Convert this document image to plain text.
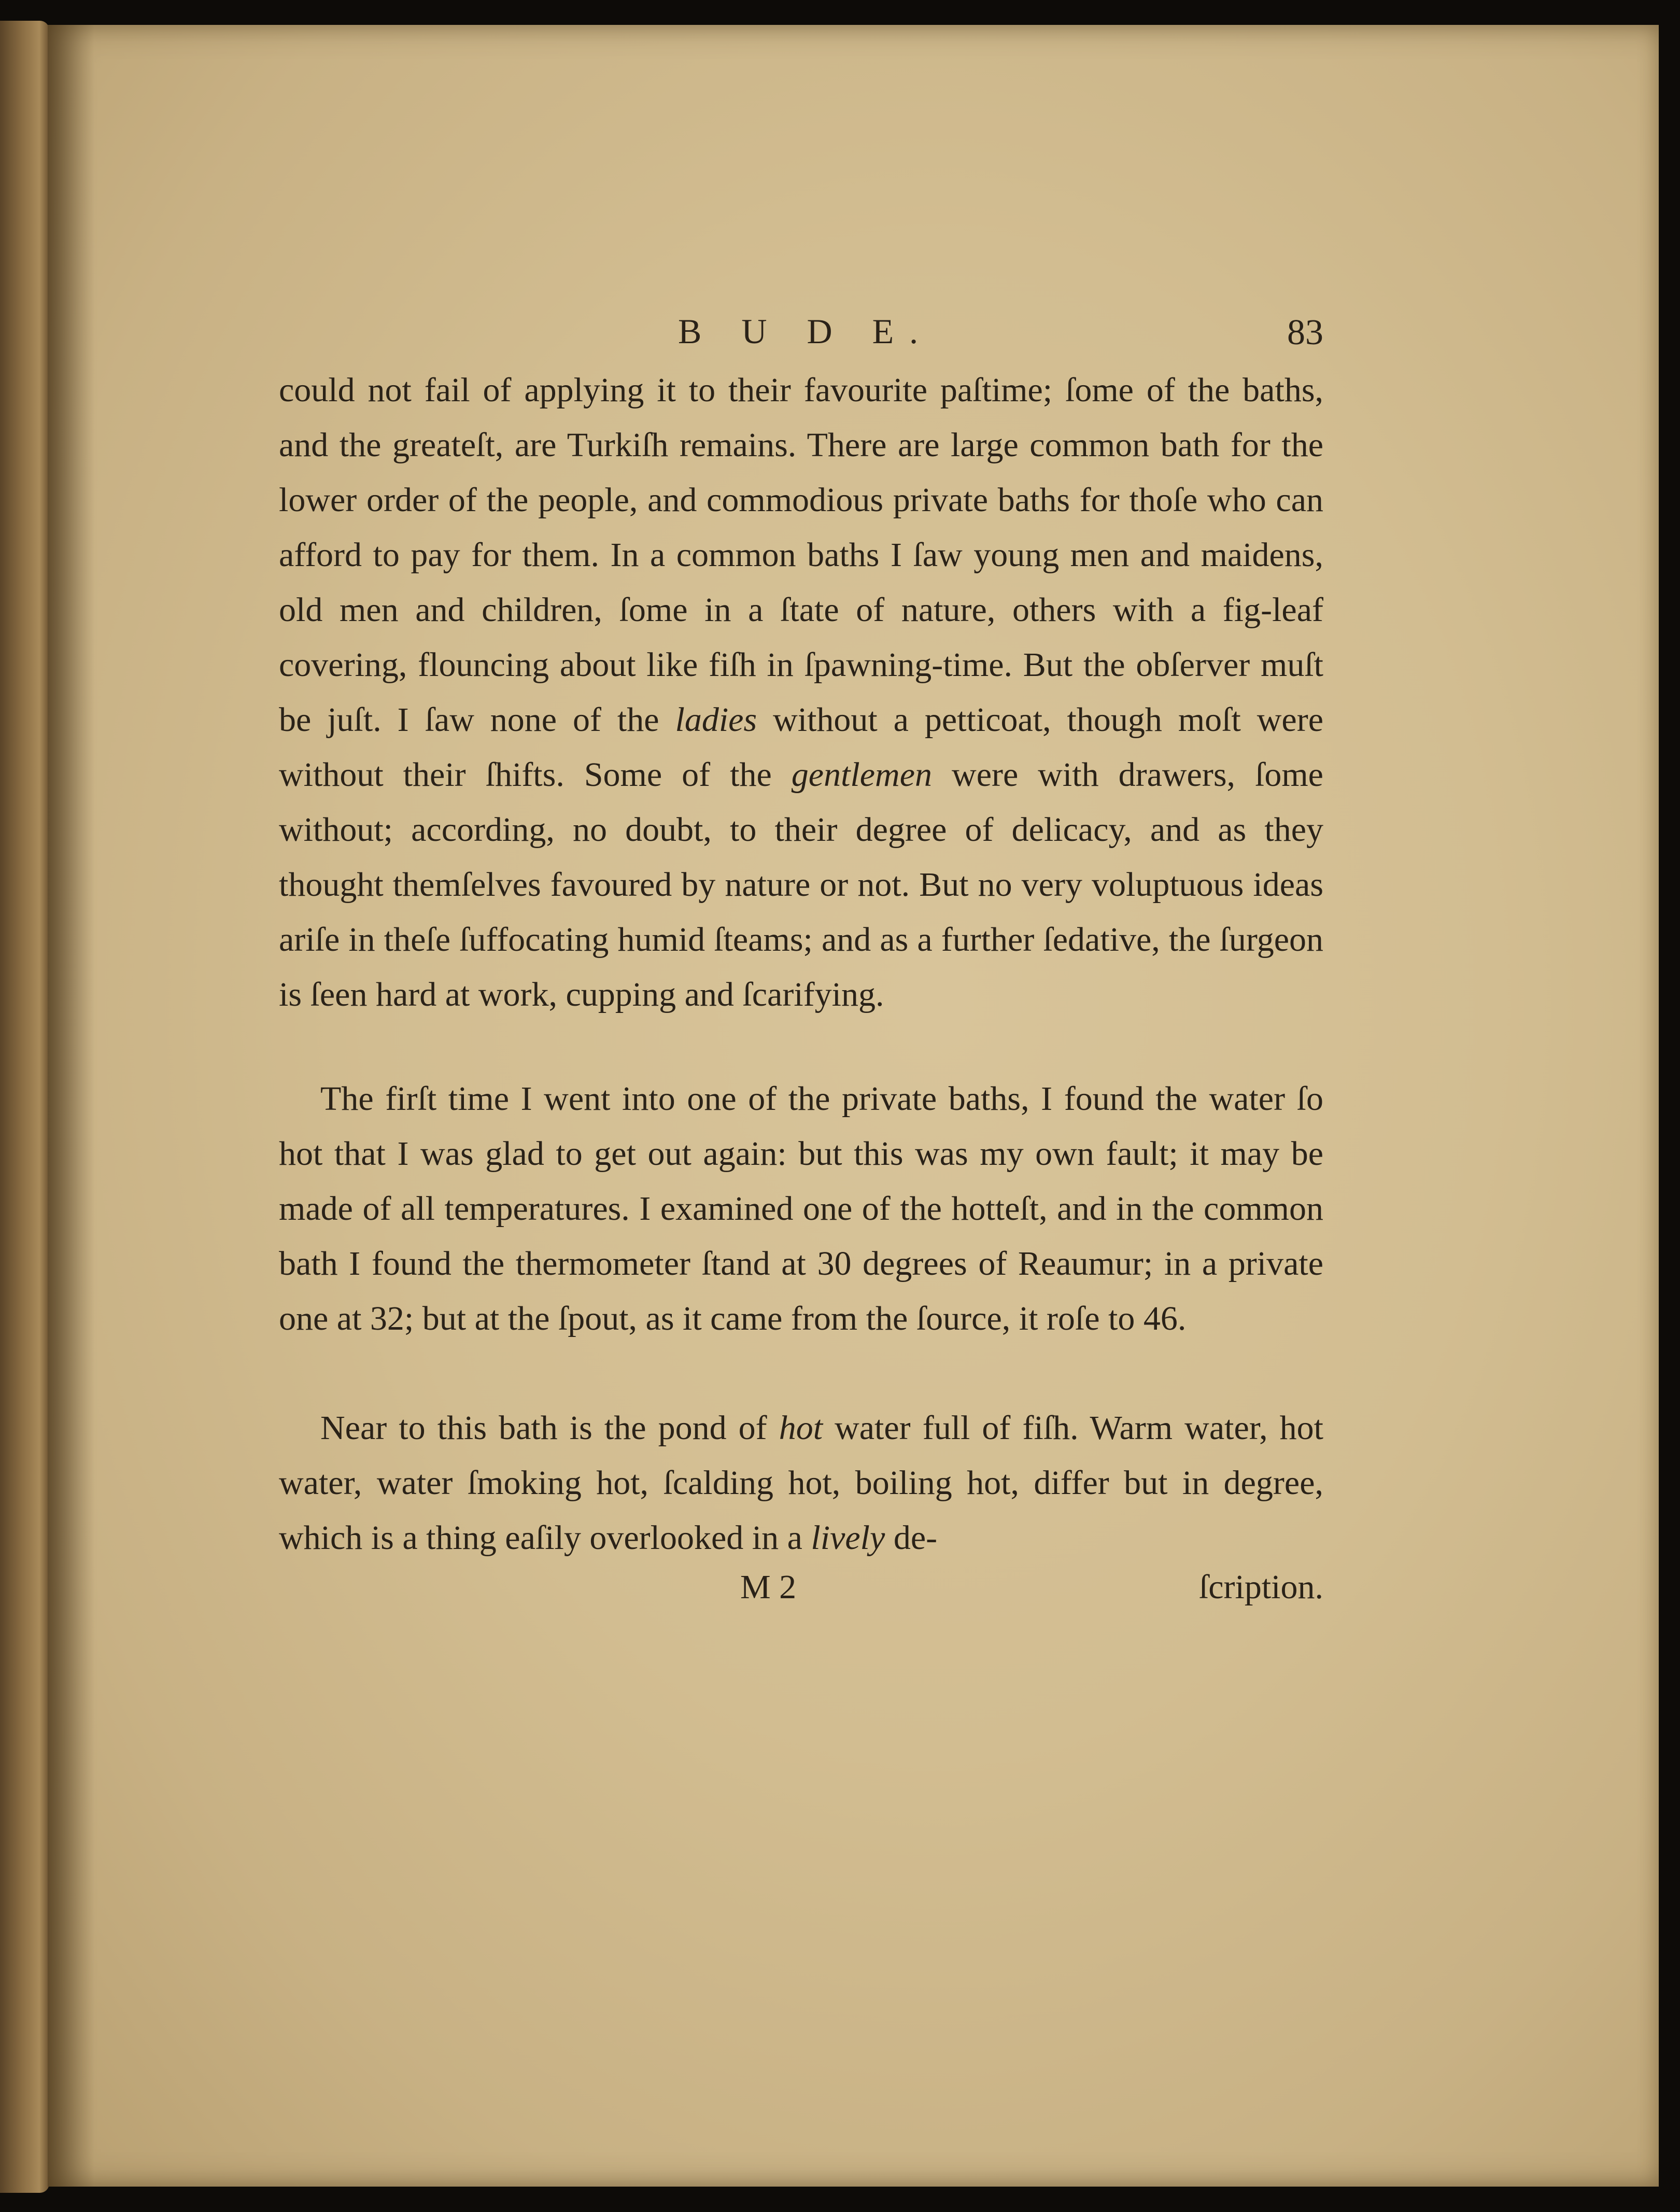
B U D E.	83

could not fail of applying it to their favourite paſtime; ſome of the baths, and the greateſt, are Turkiſh remains. There are large common bath for the lower order of the people, and commodious private baths for thoſe who can afford to pay for them. In a common baths I ſaw young men and maidens, old men and children, ſome in a ſtate of nature, others with a fig-leaf covering, flouncing about like fiſh in ſpawning-time. But the obſerver muſt be juſt. I ſaw none of the ladies without a petticoat, though moſt were without their ſhifts. Some of the gentlemen were with drawers, ſome without; according, no doubt, to their degree of delicacy, and as they thought themſelves favoured by nature or not. But no very voluptuous ideas ariſe in theſe ſuffocating humid ſteams; and as a further ſedative, the ſurgeon is ſeen hard at work, cupping and ſcarifying.

The firſt time I went into one of the private baths, I found the water ſo hot that I was glad to get out again: but this was my own fault; it may be made of all temperatures. I examined one of the hotteſt, and in the common bath I found the thermometer ſtand at 30 degrees of Reaumur; in a private one at 32; but at the ſpout, as it came from the ſource, it roſe to 46.

Near to this bath is the pond of hot water full of fiſh. Warm water, hot water, water ſmoking hot, ſcalding hot, boiling hot, differ but in degree, which is a thing eaſily overlooked in a lively de-

M 2	ſcription.
